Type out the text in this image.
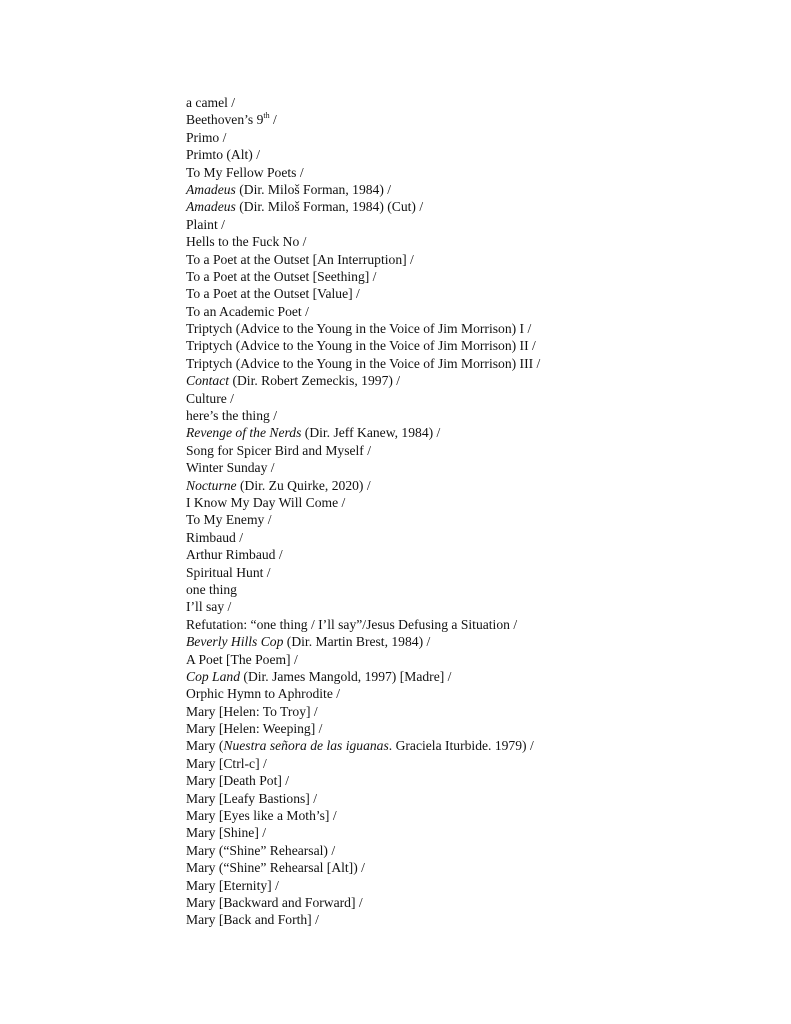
a camel /
Beethoven’s 9th /
Primo /
Primto (Alt) /
To My Fellow Poets /
Amadeus (Dir. Miloš Forman, 1984) /
Amadeus (Dir. Miloš Forman, 1984) (Cut) /
Plaint /
Hells to the Fuck No /
To a Poet at the Outset [An Interruption] /
To a Poet at the Outset [Seething] /
To a Poet at the Outset [Value] /
To an Academic Poet /
Triptych (Advice to the Young in the Voice of Jim Morrison) I /
Triptych (Advice to the Young in the Voice of Jim Morrison) II /
Triptych (Advice to the Young in the Voice of Jim Morrison) III /
Contact (Dir. Robert Zemeckis, 1997) /
Culture /
here’s the thing /
Revenge of the Nerds (Dir. Jeff Kanew, 1984) /
Song for Spicer Bird and Myself /
Winter Sunday /
Nocturne (Dir. Zu Quirke, 2020) /
I Know My Day Will Come /
To My Enemy /
Rimbaud /
Arthur Rimbaud /
Spiritual Hunt /
one thing
I’ll say /
Refutation: “one thing / I’ll say”/Jesus Defusing a Situation /
Beverly Hills Cop (Dir. Martin Brest, 1984) /
A Poet [The Poem] /
Cop Land (Dir. James Mangold, 1997) [Madre] /
Orphic Hymn to Aphrodite /
Mary [Helen: To Troy] /
Mary [Helen: Weeping] /
Mary (Nuestra señora de las iguanas. Graciela Iturbide. 1979) /
Mary [Ctrl-c] /
Mary [Death Pot] /
Mary [Leafy Bastions] /
Mary [Eyes like a Moth’s] /
Mary [Shine] /
Mary (“Shine” Rehearsal) /
Mary (“Shine” Rehearsal [Alt]) /
Mary [Eternity] /
Mary [Backward and Forward] /
Mary [Back and Forth] /
